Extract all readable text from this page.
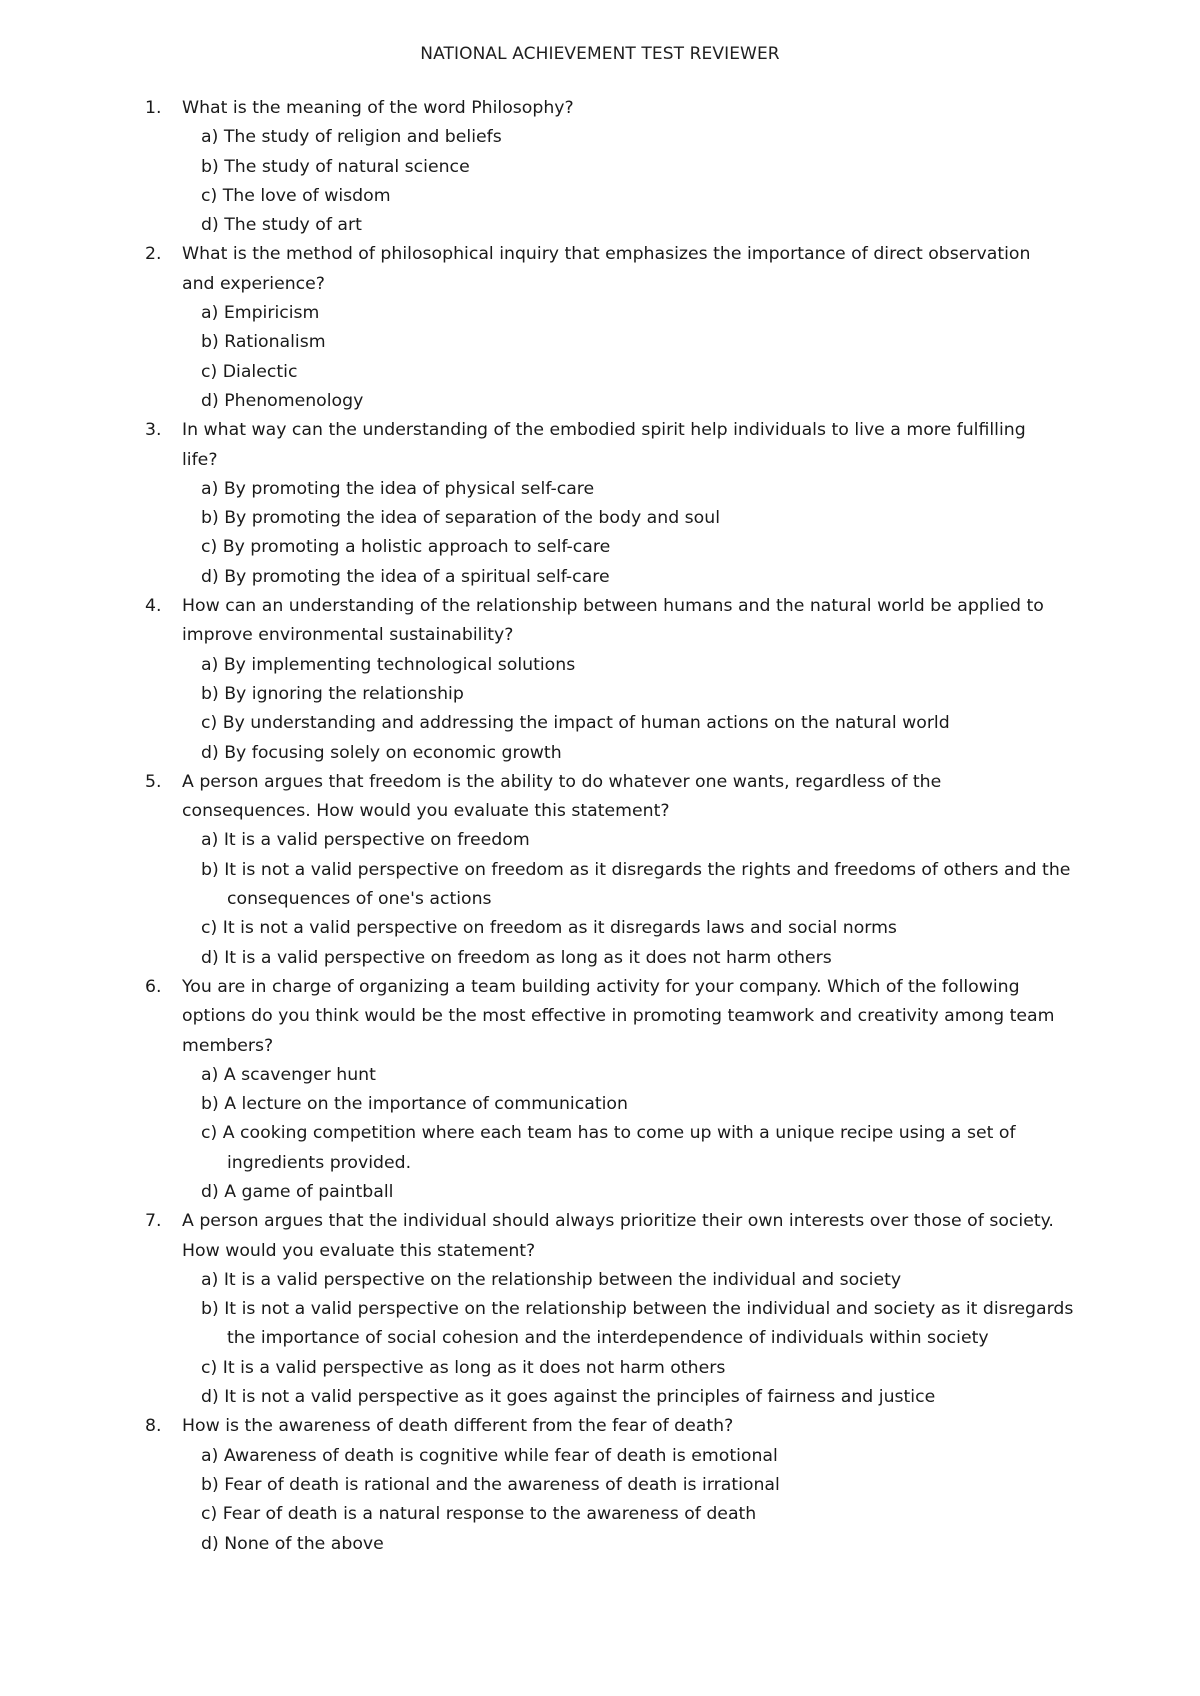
NATIONAL ACHIEVEMENT TEST REVIEWER
1. What is the meaning of the word Philosophy?
a) The study of religion and beliefs
b) The study of natural science
c) The love of wisdom
d) The study of art
2. What is the method of philosophical inquiry that emphasizes the importance of direct observation and experience?
a) Empiricism
b) Rationalism
c) Dialectic
d) Phenomenology
3. In what way can the understanding of the embodied spirit help individuals to live a more fulfilling life?
a) By promoting the idea of physical self-care
b) By promoting the idea of separation of the body and soul
c) By promoting a holistic approach to self-care
d) By promoting the idea of a spiritual self-care
4. How can an understanding of the relationship between humans and the natural world be applied to improve environmental sustainability?
a) By implementing technological solutions
b) By ignoring the relationship
c) By understanding and addressing the impact of human actions on the natural world
d) By focusing solely on economic growth
5. A person argues that freedom is the ability to do whatever one wants, regardless of the consequences. How would you evaluate this statement?
a) It is a valid perspective on freedom
b) It is not a valid perspective on freedom as it disregards the rights and freedoms of others and the consequences of one's actions
c) It is not a valid perspective on freedom as it disregards laws and social norms
d) It is a valid perspective on freedom as long as it does not harm others
6. You are in charge of organizing a team building activity for your company. Which of the following options do you think would be the most effective in promoting teamwork and creativity among team members?
a) A scavenger hunt
b) A lecture on the importance of communication
c) A cooking competition where each team has to come up with a unique recipe using a set of ingredients provided.
d) A game of paintball
7. A person argues that the individual should always prioritize their own interests over those of society. How would you evaluate this statement?
a) It is a valid perspective on the relationship between the individual and society
b) It is not a valid perspective on the relationship between the individual and society as it disregards the importance of social cohesion and the interdependence of individuals within society
c) It is a valid perspective as long as it does not harm others
d) It is not a valid perspective as it goes against the principles of fairness and justice
8. How is the awareness of death different from the fear of death?
a) Awareness of death is cognitive while fear of death is emotional
b) Fear of death is rational and the awareness of death is irrational
c) Fear of death is a natural response to the awareness of death
d) None of the above
